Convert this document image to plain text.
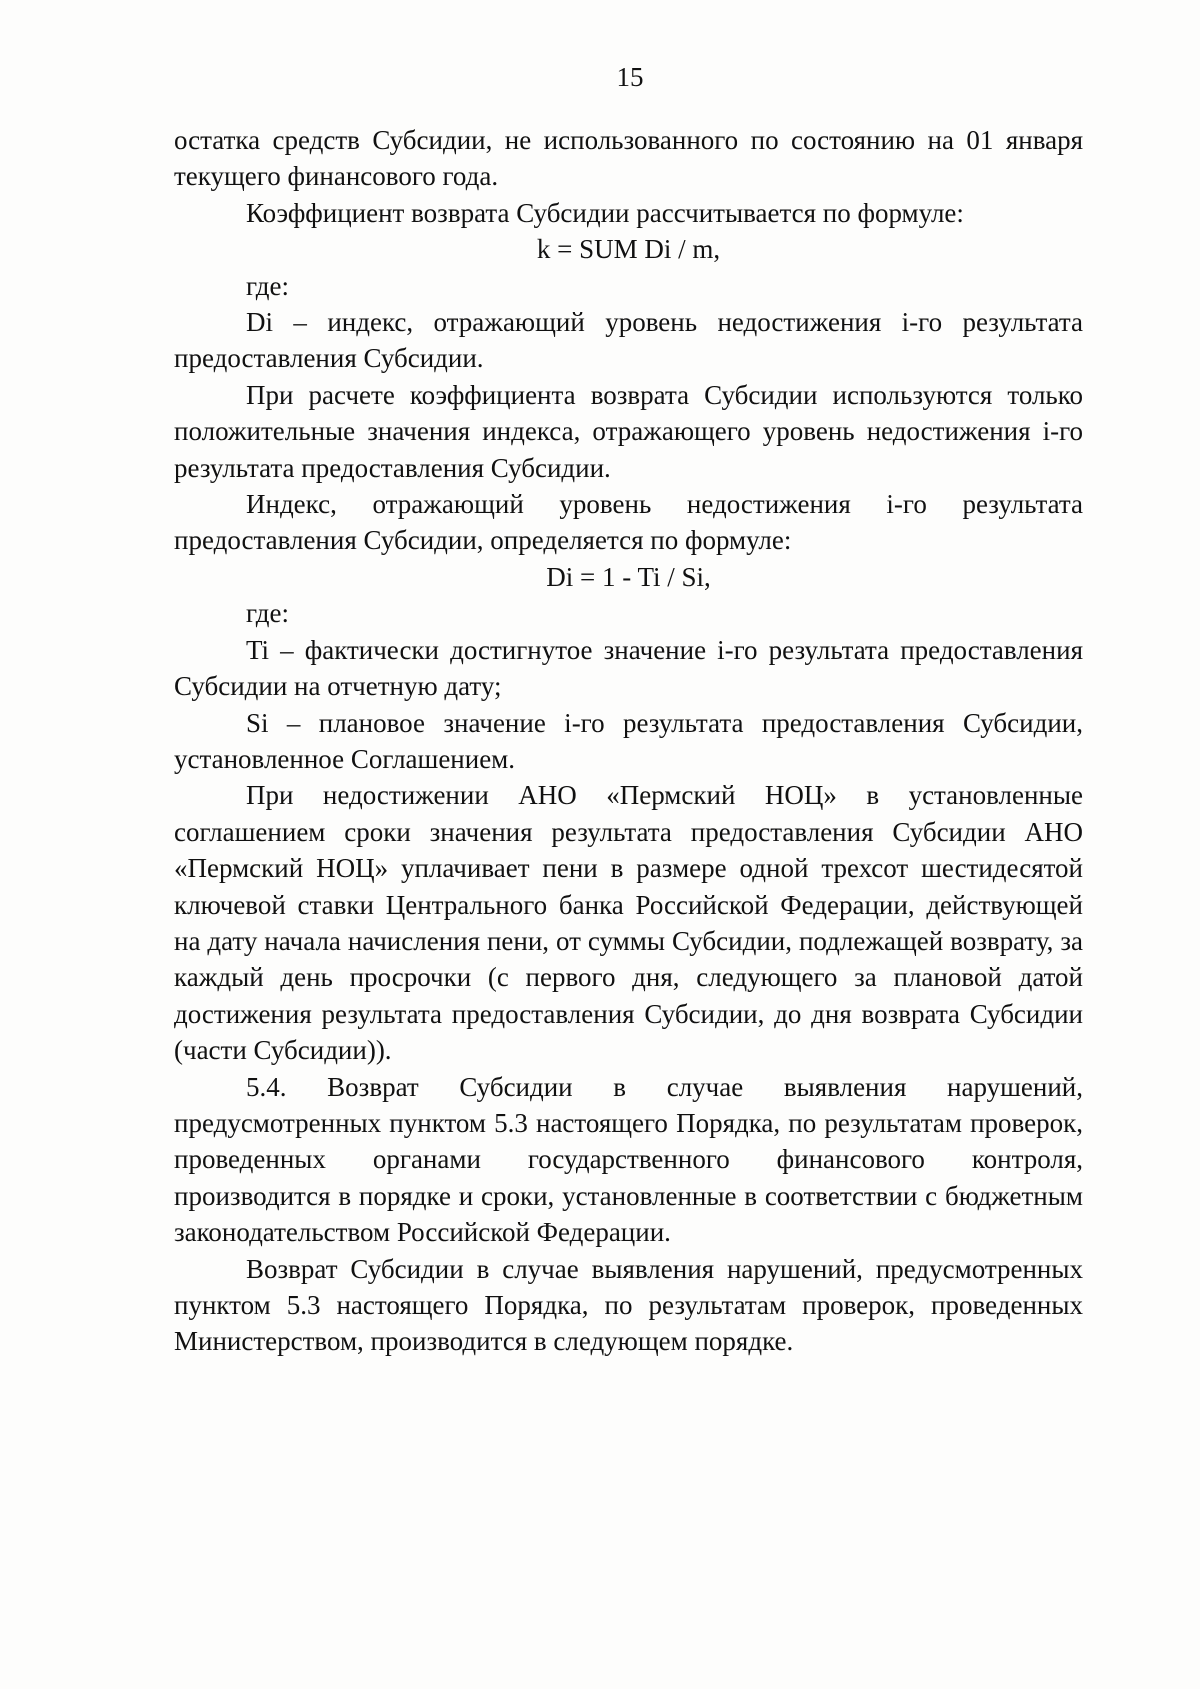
15

остатка средств Субсидии, не использованного по состоянию на 01 января текущего финансового года.

Коэффициент возврата Субсидии рассчитывается по формуле:

k = SUM Di / m,

где:

Di – индекс, отражающий уровень недостижения i-го результата предоставления Субсидии.

При расчете коэффициента возврата Субсидии используются только положительные значения индекса, отражающего уровень недостижения i-го результата предоставления Субсидии.

Индекс, отражающий уровень недостижения i-го результата предоставления Субсидии, определяется по формуле:

Di = 1 - Ti / Si,

где:

Ti – фактически достигнутое значение i-го результата предоставления Субсидии на отчетную дату;

Si – плановое значение i-го результата предоставления Субсидии, установленное Соглашением.

При недостижении АНО «Пермский НОЦ» в установленные соглашением сроки значения результата предоставления Субсидии АНО «Пермский НОЦ» уплачивает пени в размере одной трехсот шестидесятой ключевой ставки Центрального банка Российской Федерации, действующей на дату начала начисления пени, от суммы Субсидии, подлежащей возврату, за каждый день просрочки (с первого дня, следующего за плановой датой достижения результата предоставления Субсидии, до дня возврата Субсидии (части Субсидии)).

5.4. Возврат Субсидии в случае выявления нарушений, предусмотренных пунктом 5.3 настоящего Порядка, по результатам проверок, проведенных органами государственного финансового контроля, производится в порядке и сроки, установленные в соответствии с бюджетным законодательством Российской Федерации.

Возврат Субсидии в случае выявления нарушений, предусмотренных пунктом 5.3 настоящего Порядка, по результатам проверок, проведенных Министерством, производится в следующем порядке.
